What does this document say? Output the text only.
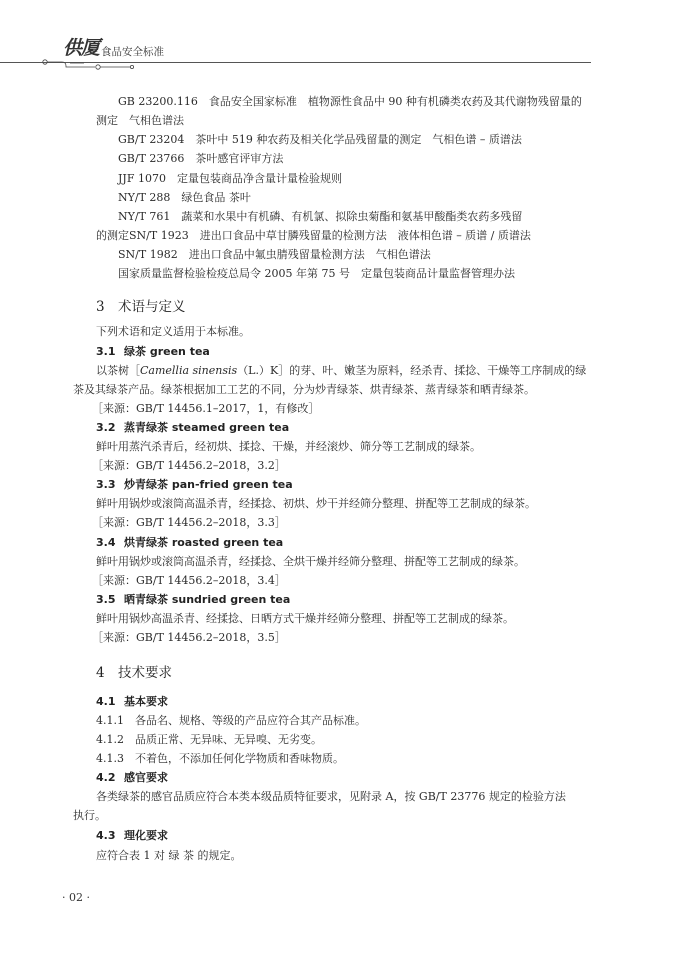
供厦 食品安全标准
GB 23200.116　食品安全国家标准　植物源性食品中 90 种有机磷类农药及其代谢物残留量的
测定　气相色谱法
GB/T 23204　茶叶中 519 种农药及相关化学品残留量的测定　气相色谱 – 质谱法
GB/T 23766　茶叶感官评审方法
JJF 1070　定量包装商品净含量计量检验规则
NY/T 288　绿色食品 茶叶
NY/T 761　蔬菜和水果中有机磷、有机氯、拟除虫菊酯和氨基甲酸酯类农药多残留
的测定SN/T 1923　进出口食品中草甘膦残留量的检测方法　液体相色谱 – 质谱 / 质谱法
SN/T 1982　进出口食品中氟虫腈残留量检测方法　气相色谱法
国家质量监督检验检疫总局令 2005 年第 75 号　定量包装商品计量监督管理办法
3 术语与定义
下列术语和定义适用于本标准。
3.1 绿茶 green tea
以茶树［Camellia sinensis（L.）K］的芽、叶、嫩茎为原料，经杀青、揉捻、干燥等工序制成的绿
茶及其绿茶产品。绿茶根据加工工艺的不同，分为炒青绿茶、烘青绿茶、蒸青绿茶和晒青绿茶。
［来源：GB/T 14456.1–2017，1，有修改］
3.2 蒸青绿茶 steamed green tea
鲜叶用蒸汽杀青后，经初烘、揉捻、干燥，并经滚炒、筛分等工艺制成的绿茶。
［来源：GB/T 14456.2–2018，3.2］
3.3 炒青绿茶 pan-fried green tea
鲜叶用锅炒或滚筒高温杀青，经揉捻、初烘、炒干并经筛分整理、拼配等工艺制成的绿茶。
［来源：GB/T 14456.2–2018，3.3］
3.4 烘青绿茶 roasted green tea
鲜叶用锅炒或滚筒高温杀青，经揉捻、全烘干燥并经筛分整理、拼配等工艺制成的绿茶。
［来源：GB/T 14456.2–2018，3.4］
3.5 晒青绿茶 sundried green tea
鲜叶用锅炒高温杀青、经揉捻、日晒方式干燥并经筛分整理、拼配等工艺制成的绿茶。
［来源：GB/T 14456.2–2018，3.5］
4 技术要求
4.1 基本要求
4.1.1　各品名、规格、等级的产品应符合其产品标准。
4.1.2　品质正常、无异味、无异嗅、无劣变。
4.1.3　不着色，不添加任何化学物质和香味物质。
4.2 感官要求
各类绿茶的感官品质应符合本类本级品质特征要求，见附录 A，按 GB/T 23776 规定的检验方法
执行。
4.3 理化要求
应符合表 1 对 绿 茶 的规定。
· 02 ·
